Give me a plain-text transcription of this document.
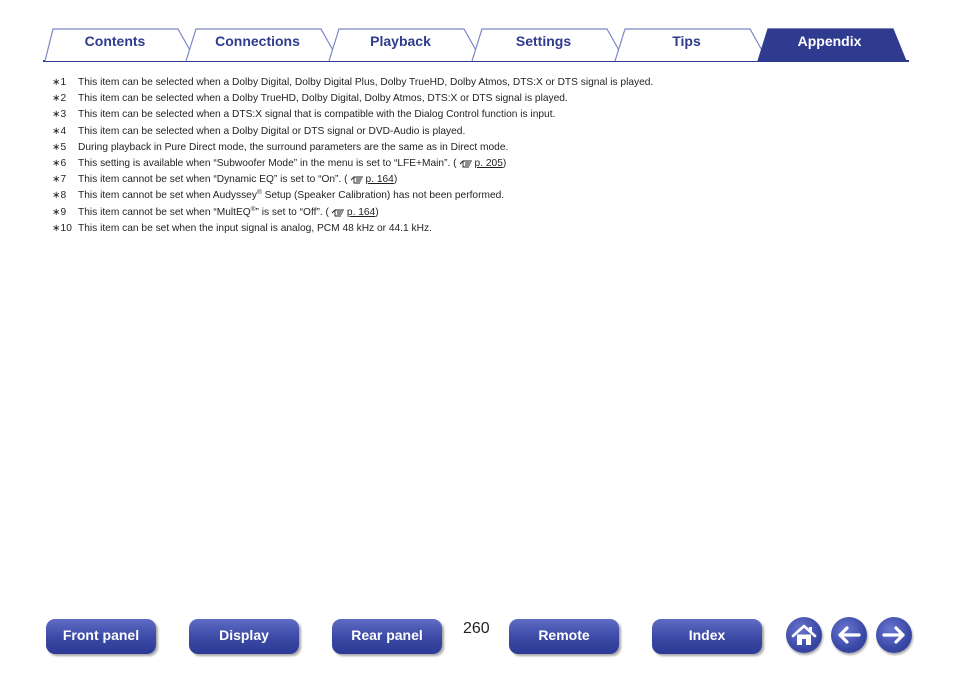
Contents	Connections	Playback	Settings	Tips	Appendix
∗1 This item can be selected when a Dolby Digital, Dolby Digital Plus, Dolby TrueHD, Dolby Atmos, DTS:X or DTS signal is played.
∗2 This item can be selected when a Dolby TrueHD, Dolby Digital, Dolby Atmos, DTS:X or DTS signal is played.
∗3 This item can be selected when a DTS:X signal that is compatible with the Dialog Control function is input.
∗4 This item can be selected when a Dolby Digital or DTS signal or DVD-Audio is played.
∗5 During playback in Pure Direct mode, the surround parameters are the same as in Direct mode.
∗6 This setting is available when “Subwoofer Mode” in the menu is set to “LFE+Main”. ( p. 205)
∗7 This item cannot be set when “Dynamic EQ” is set to “On”. ( p. 164)
∗8 This item cannot be set when Audyssey® Setup (Speaker Calibration) has not been performed.
∗9 This item cannot be set when “MultEQ®” is set to “Off”. ( p. 164)
∗10 This item can be set when the input signal is analog, PCM 48 kHz or 44.1 kHz.
Front panel	Display	Rear panel	260	Remote	Index
